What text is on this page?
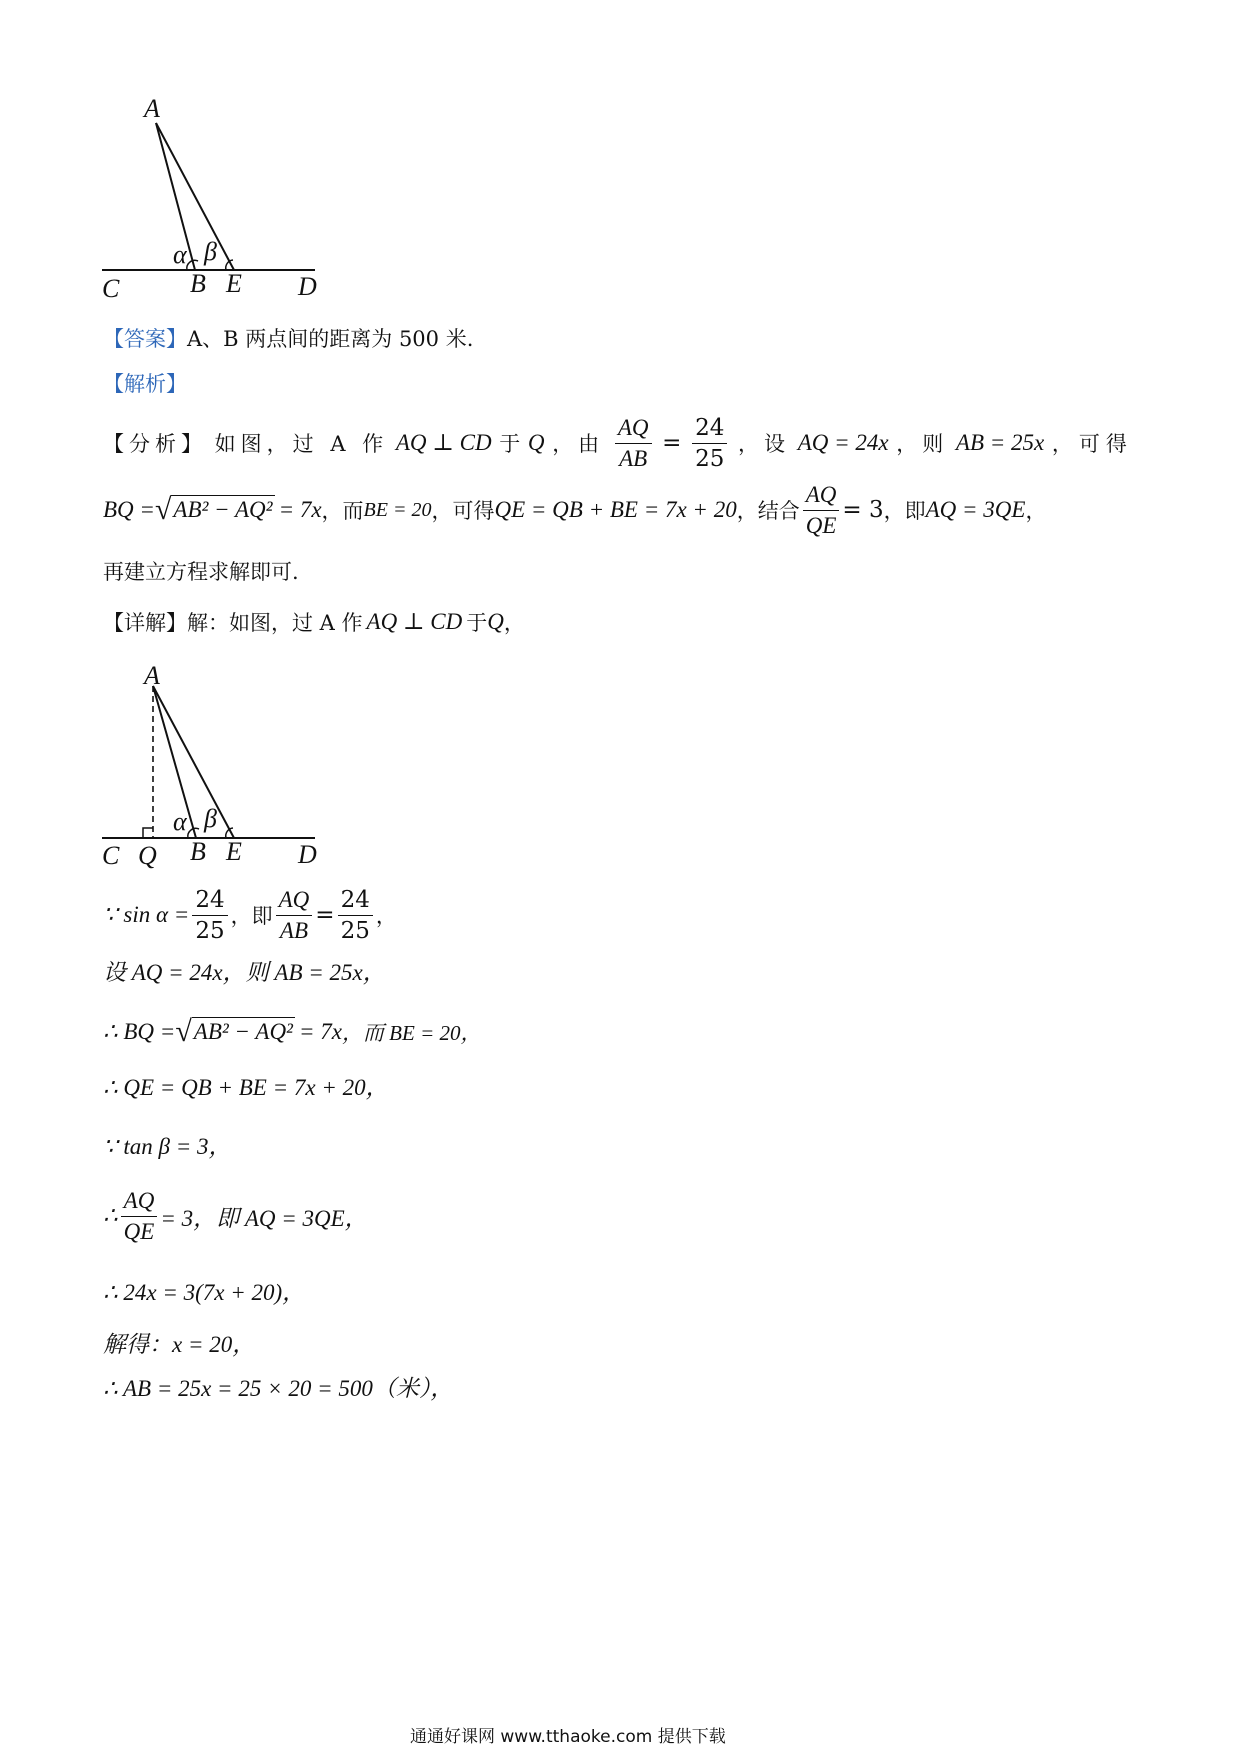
A
α β
C	B E D
【答案】A、B 两点间的距离为 500 米.
【解析】
【分析】 如图，过 A 作 AQ ⊥ CD 于 Q ，由 $\frac{AQ}{AB} = \frac{24}{25}$ ，设 AQ = 24x ，则 AB = 25x ，可得
BQ = √ AB² − AQ² = 7x ，而 BE = 20 ，可得 QE = QB + BE = 7x + 20 ，结合 $\frac{AQ}{QE} = 3$ ，即 AQ = 3QE ，
再建立方程求解即可.
【详解】 解：如图，过 A 作 AQ ⊥ CD 于 Q ，
A
α β
C Q B E D
∵ $\sin \alpha = \frac{24}{25}$ ，即 $\frac{AQ}{AB} = \frac{24}{25}$ ，
设 AQ = 24x，则 AB = 25x，
∴ BQ = √ AB² − AQ² = 7x ，而 BE = 20，
∴ QE = QB + BE = 7x + 20，
∵ tan β = 3，
∴ $\frac{AQ}{QE} = 3$，即 AQ = 3QE，
∴ 24x = 3(7x + 20)，
解得：x = 20，
∴ AB = 25x = 25 × 20 = 500（米），
通通好课网 www.tthaoke.com 提供下载
